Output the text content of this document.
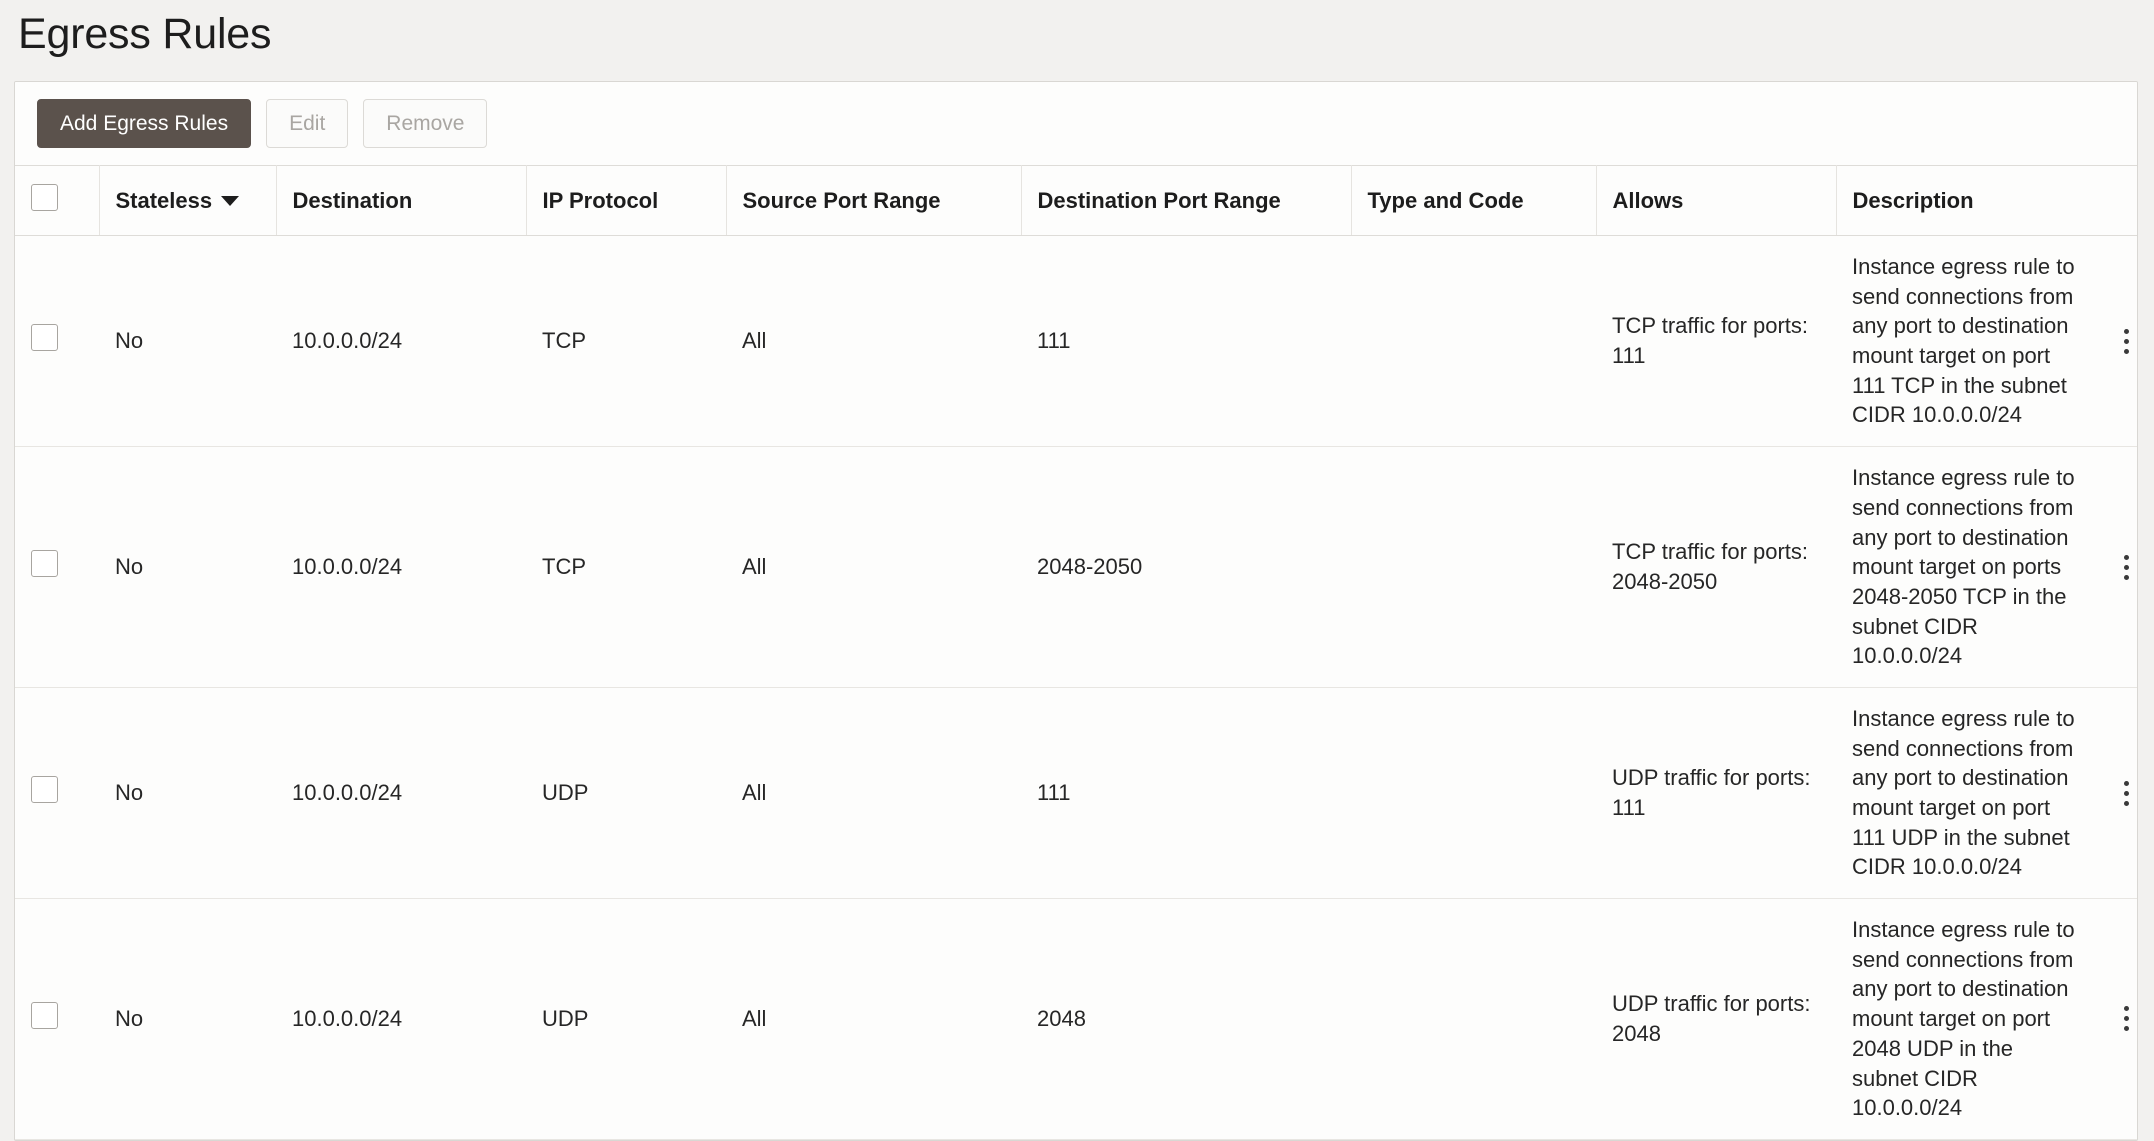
Egress Rules
Add Egress Rules	Edit	Remove

	Stateless	Destination	IP Protocol	Source Port Range	Destination Port Range	Type and Code	Allows	Description	
	No	10.0.0.0/24	TCP	All	111		TCP traffic for ports: 111	Instance egress rule to send connections from any port to destination mount target on port 111 TCP in the subnet CIDR 10.0.0.0/24	

	No	10.0.0.0/24	TCP	All	2048-2050		TCP traffic for ports: 2048-2050	Instance egress rule to send connections from any port to destination mount target on ports 2048-2050 TCP in the subnet CIDR 10.0.0.0/24	

	No	10.0.0.0/24	UDP	All	111		UDP traffic for ports: 111	Instance egress rule to send connections from any port to destination mount target on port 111 UDP in the subnet CIDR 10.0.0.0/24	

	No	10.0.0.0/24	UDP	All	2048		UDP traffic for ports: 2048	Instance egress rule to send connections from any port to destination mount target on port 2048 UDP in the subnet CIDR 10.0.0.0/24	
